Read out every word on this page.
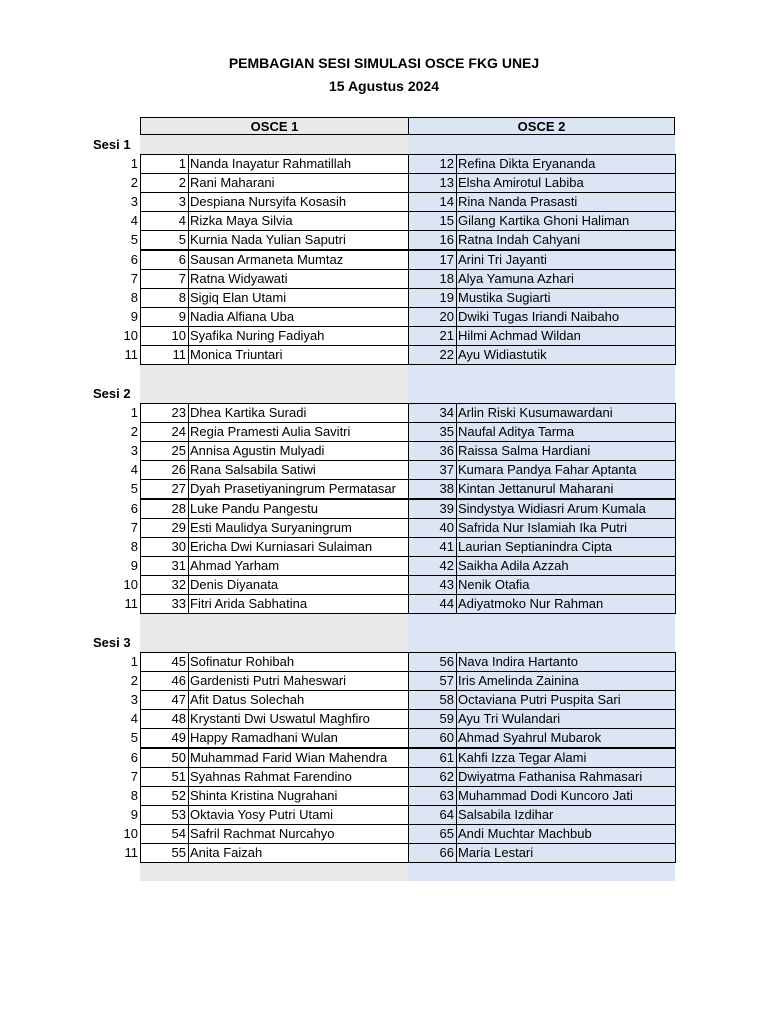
PEMBAGIAN SESI SIMULASI OSCE FKG UNEJ
15 Agustus 2024
OSCE 1	OSCE 2
Sesi 1
1	1 Nanda Inayatur Rahmatillah	12 Refina Dikta Eryananda
2	2 Rani Maharani	13 Elsha Amirotul Labiba
3	3 Despiana Nursyifa Kosasih	14 Rina Nanda Prasasti
4	4 Rizka Maya Silvia	15 Gilang Kartika Ghoni Haliman
5	5 Kurnia Nada Yulian Saputri	16 Ratna Indah Cahyani
6	6 Sausan Armaneta Mumtaz	17 Arini Tri Jayanti
7	7 Ratna Widyawati	18 Alya Yamuna Azhari
8	8 Sigiq Elan Utami	19 Mustika Sugiarti
9	9 Nadia Alfiana Uba	20 Dwiki Tugas Iriandi Naibaho
10	10 Syafika Nuring Fadiyah	21 Hilmi Achmad Wildan
11	11 Monica Triuntari	22 Ayu Widiastutik
Sesi 2
1	23 Dhea Kartika Suradi	34 Arlin Riski Kusumawardani
2	24 Regia Pramesti Aulia Savitri	35 Naufal Aditya Tarma
3	25 Annisa Agustin Mulyadi	36 Raissa Salma Hardiani
4	26 Rana Salsabila Satiwi	37 Kumara Pandya Fahar Aptanta
5	27 Dyah Prasetiyaningrum Permatasar	38 Kintan Jettanurul Maharani
6	28 Luke Pandu Pangestu	39 Sindystya Widiasri Arum Kumala
7	29 Esti Maulidya Suryaningrum	40 Safrida Nur Islamiah Ika Putri
8	30 Ericha Dwi Kurniasari Sulaiman	41 Laurian Septianindra Cipta
9	31 Ahmad Yarham	42 Saikha Adila Azzah
10	32 Denis Diyanata	43 Nenik Otafia
11	33 Fitri Arida Sabhatina	44 Adiyatmoko Nur Rahman
Sesi 3
1	45 Sofinatur Rohibah	56 Nava Indira Hartanto
2	46 Gardenisti Putri Maheswari	57 Iris Amelinda Zainina
3	47 Afit Datus Solechah	58 Octaviana Putri Puspita Sari
4	48 Krystanti Dwi Uswatul Maghfiro	59 Ayu Tri Wulandari
5	49 Happy Ramadhani Wulan	60 Ahmad Syahrul Mubarok
6	50 Muhammad Farid Wian Mahendra	61 Kahfi Izza Tegar Alami
7	51 Syahnas Rahmat Farendino	62 Dwiyatma Fathanisa Rahmasari
8	52 Shinta Kristina Nugrahani	63 Muhammad Dodi Kuncoro Jati
9	53 Oktavia Yosy Putri Utami	64 Salsabila Izdihar
10	54 Safril Rachmat Nurcahyo	65 Andi Muchtar Machbub
11	55 Anita Faizah	66 Maria Lestari
